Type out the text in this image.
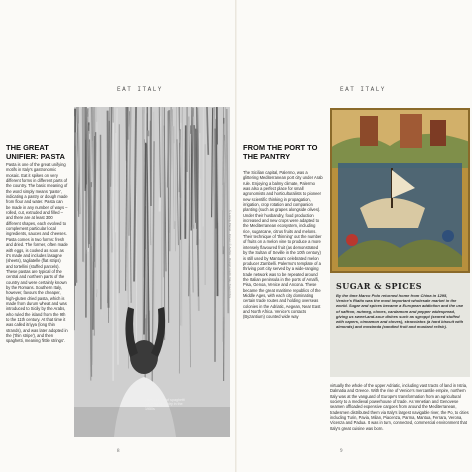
EAT ITALY
THE GREAT UNIFIER: PASTA

Pasta is one of the great unifying motifs in Italy's gastronomic mosaic. Eat it spikes on very different forms in different parts of the country. The basic meaning of the word simply means 'paste', indicating a pastry or dough made from flour and water. Pasta can be made in any number of ways – rolled, cut, extruded and filled – and there are at least 300 different shapes, each evolved to complement particular local ingredients, sauces and cheeses. Pasta comes in two forms: fresh and dried. The former, often made with eggs, is cooked as soon as it's made and includes lasagne (sheets), tagliatelle (flat strips) and tortellini (stuffed parcels). These pastas are typical of the central and northern parts of the country and were certainly known by the Romans. Southern Italy, however, favours the cheaper, high-gluten dried pasta, which is made from durum wheat and was introduced to Sicily by the Arabs, who ruled the island from the 9th to the 11th century. At that time it was called itriyya (long thin strands), and was later adopted in the ('thin stripe'), and then spaghetti, meaning 'little strings'.

Above Rows of spaghetti hanging up to dry in the 1950s
8
© Lonely Planet · Cover: © Author · Design credit: Italy Travel Pics
EAT ITALY
FROM THE PORT TO THE PANTRY

The Sicilian capital, Palermo, was a glittering Mediterranean port city under Arab rule. Enjoying a balmy climate, Palermo was also a perfect place for small agronomists and horticulturalists to pioneer new scientific thinking in propagation, irrigation, crop rotation and companion planting (such as grapes alongside olives). Under their husbandry, food production increased and new crops were adapted to the Mediterranean ecosystem, including rice, sugarcane, citrus fruits and melons. Their technique of 'thinning' out the number of fruits on a melon vine to produce a more intensely flavoured fruit (as demonstrated by the Sultan of Seville in the 10th century) is still used by Mantua's celebrated melon producer Zambelli. Palermo's template of a thriving port city served by a wide-ranging trade network was to be repeated around the Italian peninsula in the ports of Amalfi, Pisa, Genoa, Venice and Ancona. These became the great maritime republics of the Middle Ages, with each city dominating certain trade routes and holding overseas colonies in the Adriatic, Aegean, Near East and North Africa. Venice's contacts (Byzantium) counted wide way

SUGAR & SPICES
By the time Marco Polo returned home from China in 1295, Venice's Rialto was the most important wholesale market in the world. Sugar and spices became a European addiction and the use of saffron, nutmeg, cloves, cardamom and pepper widespread, giving us sweet-and-sour dishes such as sgroppi (seared stuffed with capers, cinnamon and cloves), stracciatos (a hard biscuit with almonds) and mostarda (candied fruit and mustard relish).

virtually the whole of the upper Adriatic, including vast tracts of land in Istria, Dalmatia and Greece. With the rise of Venice's mercantile empire, northern Italy was at the vanguard of Europe's transformation from an agricultural society to a medieval powerhouse of trade. As Venetian and Genovese seamen offloaded expensive cargoes from around the Mediterranean, tradesmen distributed them via Italy's largest navigable river, the Po, to cities including Turin, Pavia, Milan, Piacenza, Parma, Mantua, Ferrara, Verona, Vicenza and Padua. It was in turn, connected, commercial environment that Italy's great cuisine was born.

9
